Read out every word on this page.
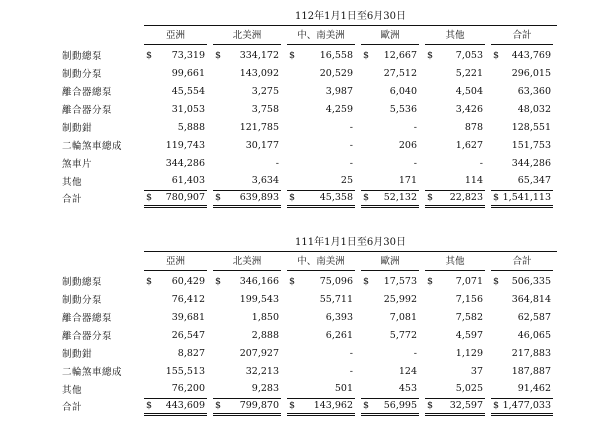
112年1月1日至6月30日
亞洲	北美洲	中、南美洲	歐洲	其他	合計
制動總泵	$ 73,319		$ 334,172		$ 16,558		$ 12,667		$ 7,053		$ 443,769
制動分泵	99,661		143,092		20,529		27,512		5,221		296,015
離合器總泵	45,554		3,275		3,987		6,040		4,504		63,360
離合器分泵	31,053		3,758		4,259		5,536		3,426		48,032
制動鉗	5,888		121,785		-		-		878		128,551
二輪煞車總成	119,743		30,177		-		206		1,627		151,753
煞車片	344,286		-		-		-		-		344,286
其他	61,403		3,634		25		171		114		65,347
合計	$ 780,907		$ 639,893		$ 45,358		$ 52,132		$ 22,823		$ 1,541,113
111年1月1日至6月30日
亞洲	北美洲	中、南美洲	歐洲	其他	合計
制動總泵	$ 60,429		$ 346,166		$ 75,096		$ 17,573		$ 7,071		$ 506,335
制動分泵	76,412		199,543		55,711		25,992		7,156		364,814
離合器總泵	39,681		1,850		6,393		7,081		7,582		62,587
離合器分泵	26,547		2,888		6,261		5,772		4,597		46,065
制動鉗	8,827		207,927		-		-		1,129		217,883
二輪煞車總成	155,513		32,213		-		124		37		187,887
其他	76,200		9,283		501		453		5,025		91,462
合計	$ 443,609		$ 799,870		$ 143,962		$ 56,995		$ 32,597		$ 1,477,033
